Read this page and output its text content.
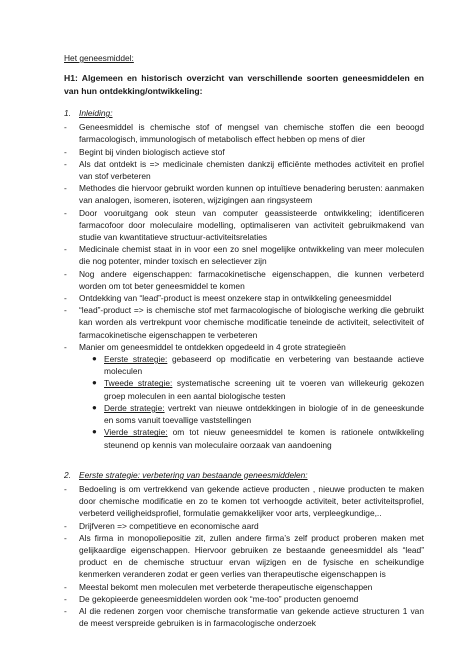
Het geneesmiddel:
H1: Algemeen en historisch overzicht van verschillende soorten geneesmiddelen en van hun ontdekking/ontwikkeling:
1. Inleiding:
- Geneesmiddel is chemische stof of mengsel van chemische stoffen die een beoogd farmacologisch, immunologisch of metabolisch effect hebben op mens of dier
- Begint bij vinden biologisch actieve stof
- Als dat ontdekt is => medicinale chemisten dankzij efficiënte methodes activiteit en profiel van stof verbeteren
- Methodes die hiervoor gebruikt worden kunnen op intuïtieve benadering berusten: aanmaken van analogen, isomeren, isoteren, wijzigingen aan ringsysteem
- Door vooruitgang ook steun van computer geassisteerde ontwikkeling; identificeren farmacofoor door moleculaire modelling, optimaliseren van activiteit gebruikmakend van studie van kwantitatieve structuur-activiteitsrelaties
- Medicinale chemist staat in in voor een zo snel mogelijke ontwikkeling van meer moleculen die nog potenter, minder toxisch en selectiever zijn
- Nog andere eigenschappen: farmacokinetische eigenschappen, die kunnen verbeterd worden om tot beter geneesmiddel te komen
- Ontdekking van “lead”-product is meest onzekere stap in ontwikkeling geneesmiddel
- “lead”-product => is chemische stof met farmacologische of biologische werking die gebruikt kan worden als vertrekpunt voor chemische modificatie teneinde de activiteit, selectiviteit of farmacokinetische eigenschappen te verbeteren
- Manier om geneesmiddel te ontdekken opgedeeld in 4 grote strategieën
● Eerste strategie: gebaseerd op modificatie en verbetering van bestaande actieve moleculen
● Tweede strategie: systematische screening uit te voeren van willekeurig gekozen groep moleculen in een aantal biologische testen
● Derde strategie: vertrekt van nieuwe ontdekkingen in biologie of in de geneeskunde en soms vanuit toevallige vaststellingen
● Vierde strategie: om tot nieuw geneesmiddel te komen is rationele ontwikkeling steunend op kennis van moleculaire oorzaak van aandoening
2. Eerste strategie: verbetering van bestaande geneesmiddelen:
- Bedoeling is om vertrekkend van gekende actieve producten , nieuwe producten te maken door chemische modificatie en zo te komen tot verhoogde activiteit, beter activiteitsprofiel, verbeterd veiligheidsprofiel, formulatie gemakkelijker voor arts, verpleegkundige,..
- Drijfveren => competitieve en economische aard
- Als firma in monopoliepositie zit, zullen andere firma’s zelf product proberen maken met gelijkaardige eigenschappen. Hiervoor gebruiken ze bestaande geneesmiddel als “lead” product en de chemische structuur ervan wijzigen en de fysische en scheikundige kenmerken veranderen zodat er geen verlies van therapeutische eigenschappen is
- Meestal bekomt men moleculen met verbeterde therapeutische eigenschappen
- De gekopieerde geneesmiddelen worden ook “me-too” producten genoemd
- Al die redenen zorgen voor chemische transformatie van gekende actieve structuren 1 van de meest verspreide gebruiken is in farmacologische onderzoek
